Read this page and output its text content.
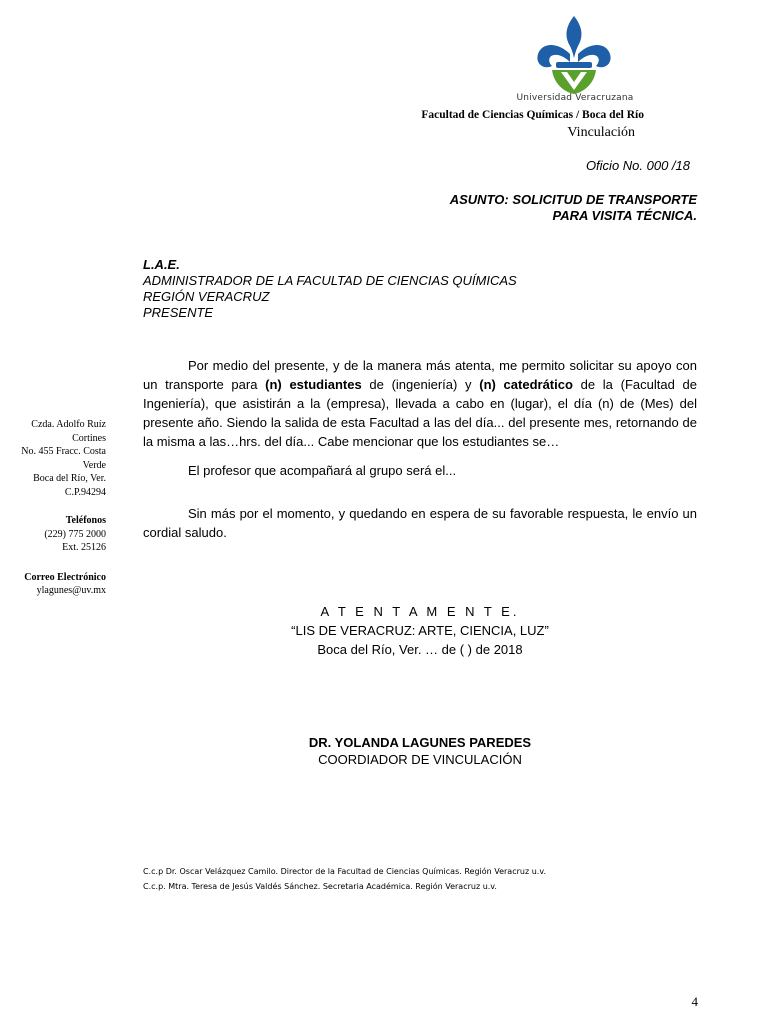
Universidad Veracruzana
Facultad de Ciencias Químicas / Boca del Río
Vinculación
Oficio No. 000 /18
ASUNTO: SOLICITUD DE TRANSPORTE
PARA VISITA TÉCNICA.
L.A.E.
ADMINISTRADOR DE LA FACULTAD DE CIENCIAS QUÍMICAS
REGIÓN VERACRUZ
PRESENTE

Por medio del presente, y de la manera más atenta, me permito solicitar su apoyo con un transporte para (n) estudiantes de (ingeniería) y (n) catedrático de la (Facultad de Ingeniería), que asistirán a la (empresa), llevada a cabo en (lugar), el día (n) de (Mes) del presente año. Siendo la salida de esta Facultad a las del día... del presente mes, retornando de la misma a las…hrs. del día... Cabe mencionar que los estudiantes se…

El profesor que acompañará al grupo será el...

Sin más por el momento, y quedando en espera de su favorable respuesta, le envío un cordial saludo.

A T E N T A M E N T E.
“LIS DE VERACRUZ: ARTE, CIENCIA, LUZ”
Boca del Río, Ver. … de ( ) de 2018
DR. YOLANDA LAGUNES PAREDES
COORDIADOR DE VINCULACIÓN
Czda. Adolfo Ruíz
Cortines
No. 455 Fracc. Costa
Verde
Boca del Río, Ver.
C.P.94294
Teléfonos
(229) 775 2000
Ext. 25126
Correo Electrónico
ylagunes@uv.mx
C.c.p Dr. Oscar Velázquez Camilo. Director de la Facultad de Ciencias Químicas. Región Veracruz u.v.
C.c.p. Mtra. Teresa de Jesús Valdés Sánchez. Secretaria Académica. Región Veracruz u.v.
4
